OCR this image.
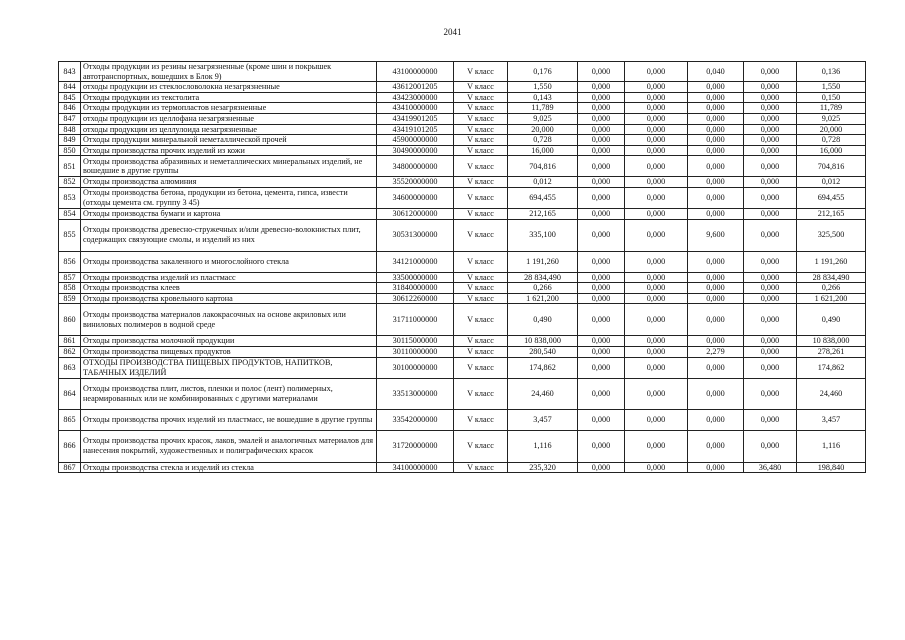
2041
843	Отходы продукции из резины незагрязненные (кроме шин и покрышек автотранспортных, вошедших в Блок 9)	43100000000	V класс	0,176	0,000	0,000	0,040	0,000	0,136
844	отходы продукции из стеклословолокна незагрязненные	43612001205	V класс	1,550	0,000	0,000	0,000	0,000	1,550
845	Отходы продукции из текстолита	43423000000	V класс	0,143	0,000	0,000	0,000	0,000	0,150
846	Отходы продукции из термопластов незагрязненные	43410000000	V класс	11,789	0,000	0,000	0,000	0,000	11,789
847	отходы продукции из целлофана незагрязненные	43419901205	V класс	9,025	0,000	0,000	0,000	0,000	9,025
848	отходы продукции из целлулоида незагрязненные	43419101205	V класс	20,000	0,000	0,000	0,000	0,000	20,000
849	Отходы продукции минеральной неметаллической прочей	45900000000	V класс	0,728	0,000	0,000	0,000	0,000	0,728
850	Отходы производства прочих изделий из кожи	30490000000	V класс	16,000	0,000	0,000	0,000	0,000	16,000
851	Отходы производства абразивных и неметаллических минеральных изделий, не вошедшие в другие группы	34800000000	V класс	704,816	0,000	0,000	0,000	0,000	704,816
852	Отходы производства алюминия	35520000000	V класс	0,012	0,000	0,000	0,000	0,000	0,012
853	Отходы производства бетона, продукции из бетона, цемента, гипса, извести (отходы цемента см. группу 3 45)	34600000000	V класс	694,455	0,000	0,000	0,000	0,000	694,455
854	Отходы производства бумаги и картона	30612000000	V класс	212,165	0,000	0,000	0,000	0,000	212,165
855	Отходы производства древесно-стружечных и/или древесно-волокнистых плит, содержащих связующие смолы, и изделий из них	30531300000	V класс	335,100	0,000	0,000	9,600	0,000	325,500
856	Отходы производства закаленного и многослойного стекла	34121000000	V класс	1 191,260	0,000	0,000	0,000	0,000	1 191,260
857	Отходы производства изделий из пластмасс	33500000000	V класс	28 834,490	0,000	0,000	0,000	0,000	28 834,490
858	Отходы производства клеев	31840000000	V класс	0,266	0,000	0,000	0,000	0,000	0,266
859	Отходы производства кровельного картона	30612260000	V класс	1 621,200	0,000	0,000	0,000	0,000	1 621,200
860	Отходы производства материалов лакокрасочных на основе акриловых или виниловых полимеров в водной среде	31711000000	V класс	0,490	0,000	0,000	0,000	0,000	0,490
861	Отходы производства молочной продукции	30115000000	V класс	10 838,000	0,000	0,000	0,000	0,000	10 838,000
862	Отходы производства пищевых продуктов	30110000000	V класс	280,540	0,000	0,000	2,279	0,000	278,261
863	ОТХОДЫ ПРОИЗВОДСТВА ПИЩЕВЫХ ПРОДУКТОВ, НАПИТКОВ, ТАБАЧНЫХ ИЗДЕЛИЙ	30100000000	V класс	174,862	0,000	0,000	0,000	0,000	174,862
864	Отходы производства плит, листов, пленки и полос (лент) полимерных, неармированных или не комбинированных с другими материалами	33513000000	V класс	24,460	0,000	0,000	0,000	0,000	24,460
865	Отходы производства прочих изделий из пластмасс, не вошедшие в другие группы	33542000000	V класс	3,457	0,000	0,000	0,000	0,000	3,457
866	Отходы производства прочих красок, лаков, эмалей и аналогичных материалов для нанесения покрытий, художественных и полиграфических красок	31720000000	V класс	1,116	0,000	0,000	0,000	0,000	1,116
867	Отходы производства стекла и изделий из стекла	34100000000	V класс	235,320	0,000	0,000	0,000	36,480	198,840
